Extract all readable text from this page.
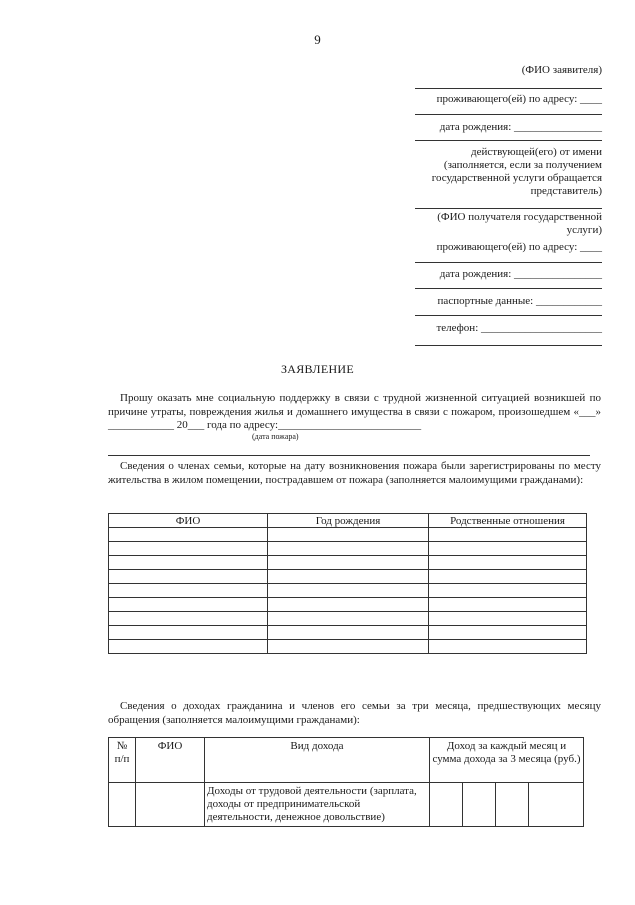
9
(ФИО заявителя)
проживающего(ей) по адресу: ____
дата рождения: ________________
действующей(его) от имени (заполняется, если за получением государственной услуги обращается представитель)
(ФИО получателя государственной услуги)
проживающего(ей) по адресу: ____
дата рождения: ________________
паспортные данные: ____________
телефон: ______________________
ЗАЯВЛЕНИЕ
Прошу оказать мне социальную поддержку в связи с трудной жизненной ситуацией возникшей по причине утраты, повреждения жилья и домашнего имущества в связи с пожаром, произошедшем «___» ____________ 20___ года по адресу:__________________________
(дата пожара)
Сведения о членах семьи, которые на дату возникновения пожара были зарегистрированы по месту жительства в жилом помещении, пострадавшем от пожара (заполняется малоимущими гражданами):
ФИО	Год рождения	Родственные отношения

Сведения о доходах гражданина и членов его семьи за три месяца, предшествующих месяцу обращения (заполняется малоимущими гражданами):
№ п/п	ФИО	Вид дохода	Доход за каждый месяц и сумма дохода за 3 месяца (руб.)			
		Доходы от трудовой деятельности (зарплата, доходы от предпринимательской деятельности, денежное довольствие)				
